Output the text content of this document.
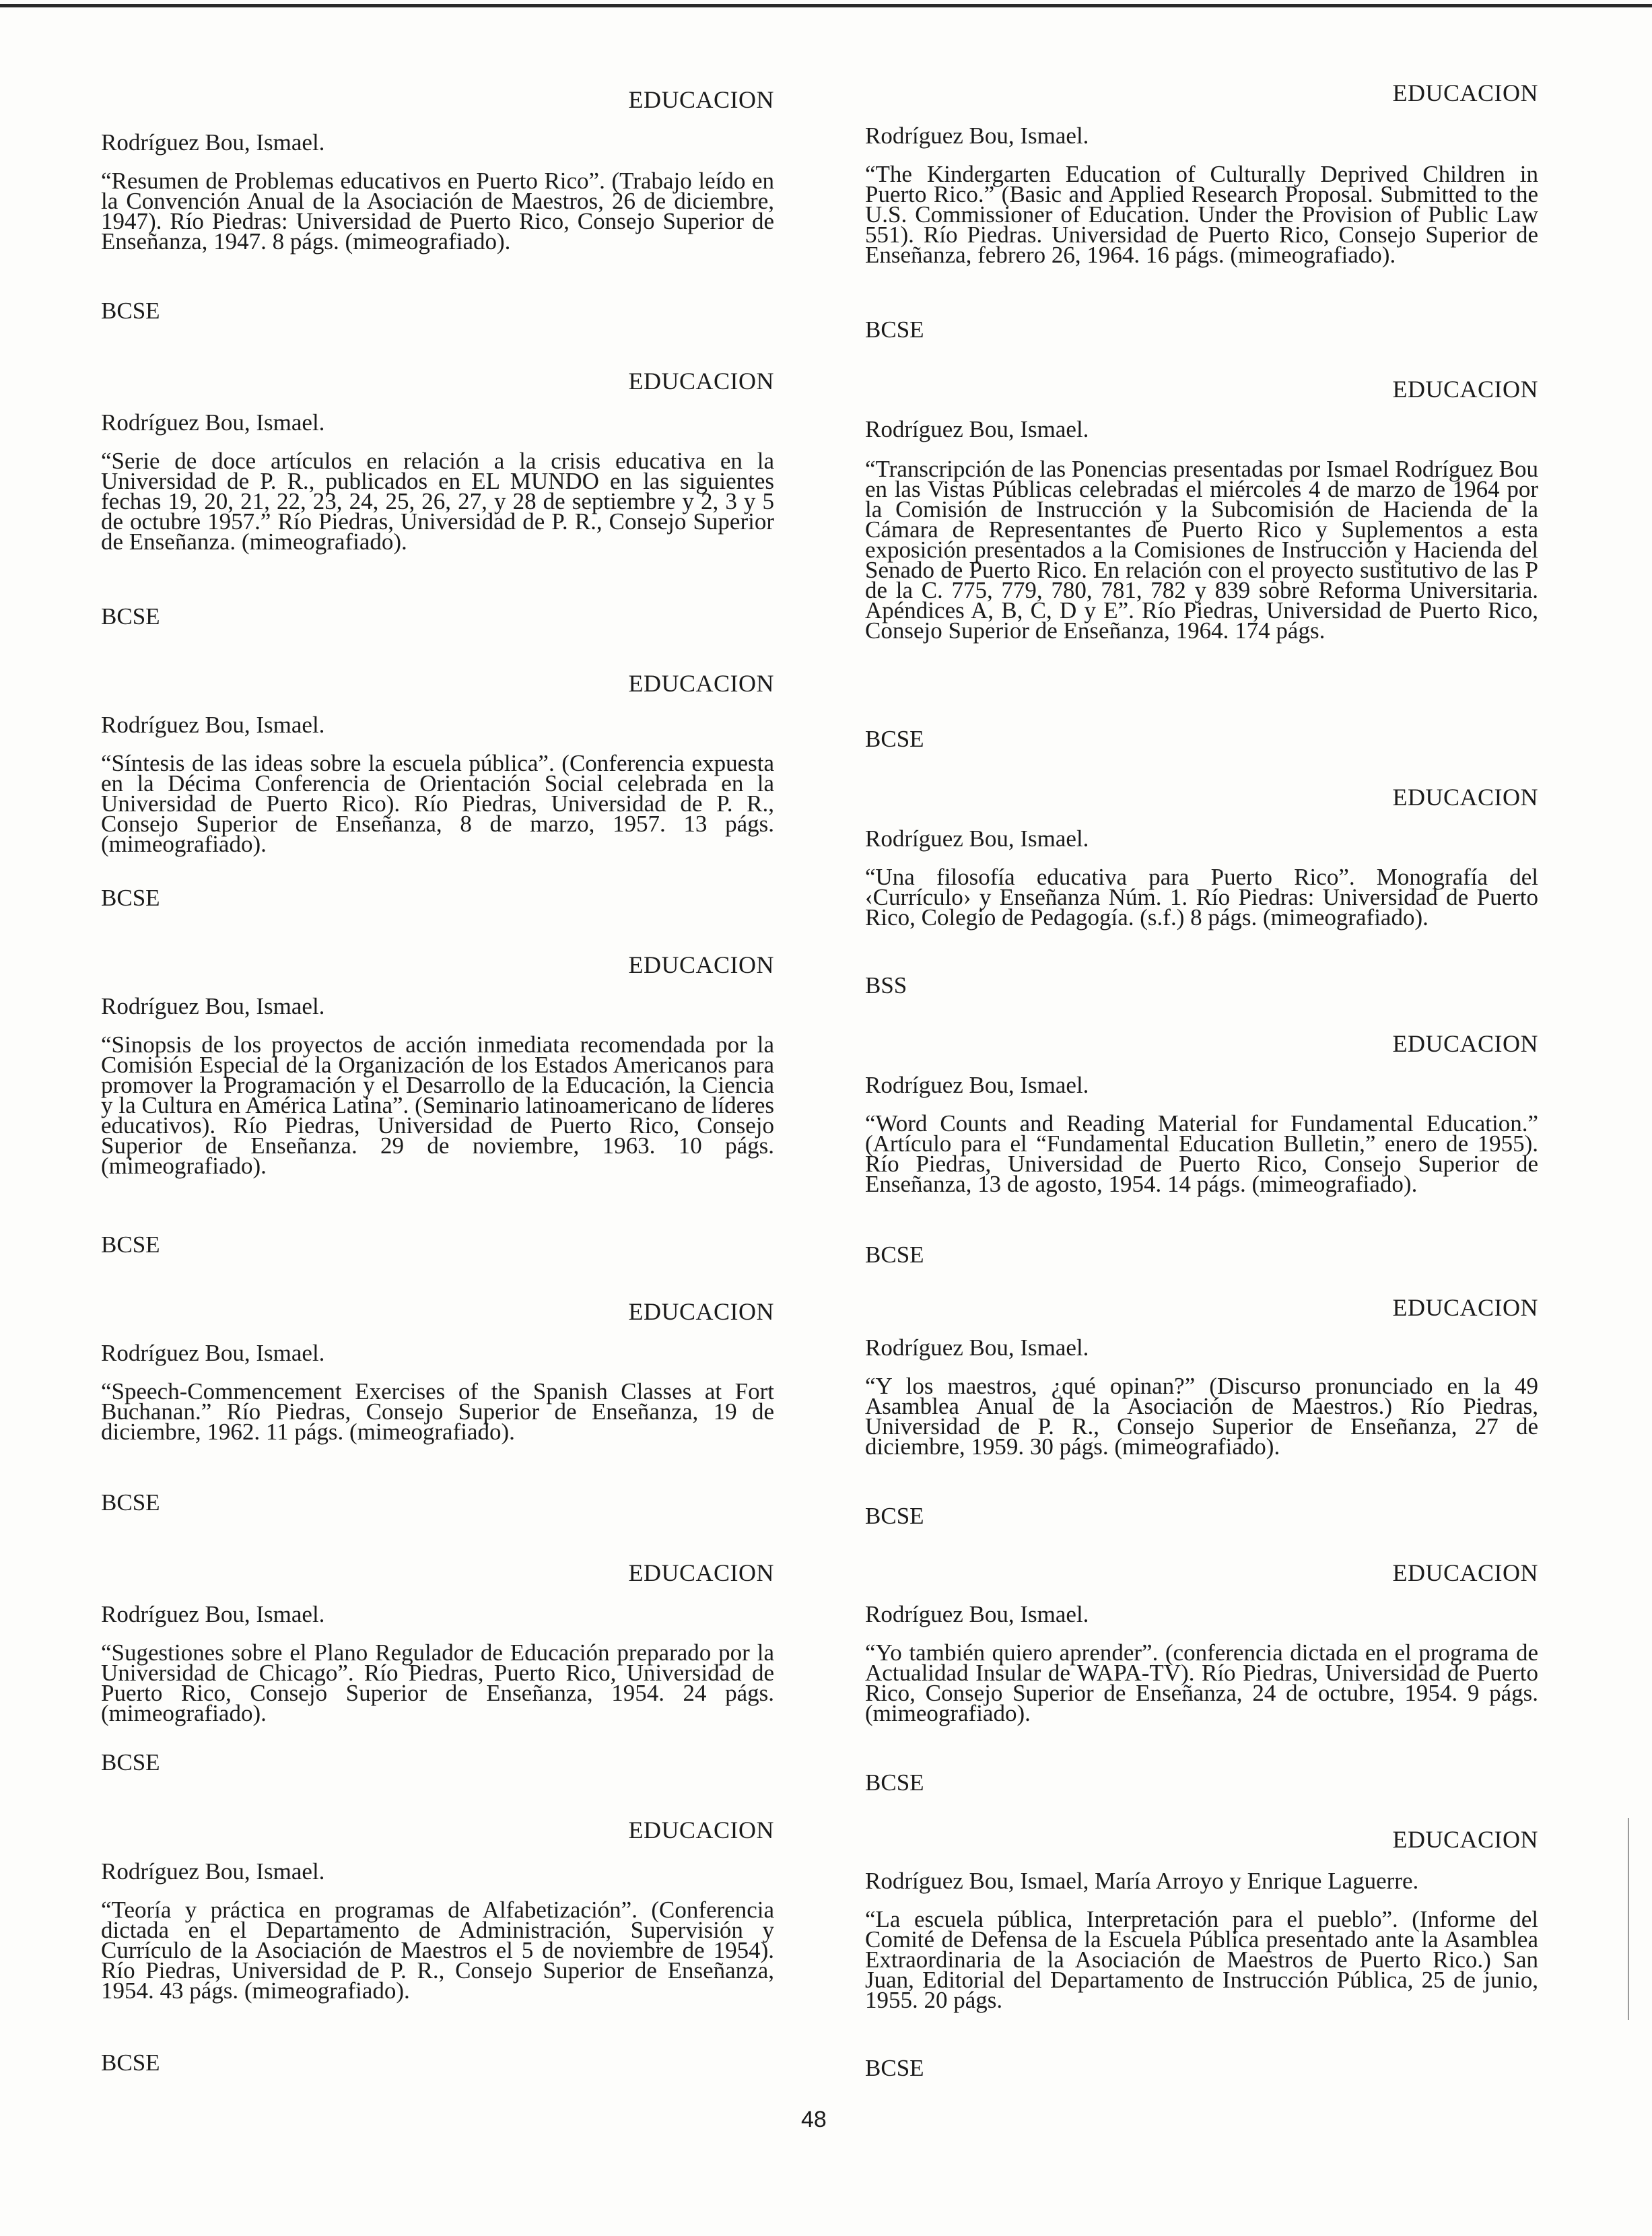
EDUCACION
Rodríguez Bou, Ismael.
“Resumen de Problemas educativos en Puerto Rico”. (Trabajo leído en la Convención Anual de la Asociación de Maestros, 26 de diciembre, 1947). Río Piedras: Universidad de Puerto Rico, Consejo Superior de Enseñanza, 1947. 8 págs. (mimeografiado).
BCSE
EDUCACION
Rodríguez Bou, Ismael.
“Serie de doce artículos en relación a la crisis educativa en la Universidad de P. R., publicados en EL MUNDO en las siguientes fechas 19, 20, 21, 22, 23, 24, 25, 26, 27, y 28 de septiembre y 2, 3 y 5 de octubre 1957.” Río Piedras, Universidad de P. R., Consejo Superior de Enseñanza. (mimeografiado).
BCSE
EDUCACION
Rodríguez Bou, Ismael.
“Síntesis de las ideas sobre la escuela pública”. (Conferencia expuesta en la Décima Conferencia de Orientación Social celebrada en la Universidad de Puerto Rico). Río Piedras, Universidad de P. R., Consejo Superior de Enseñanza, 8 de marzo, 1957. 13 págs. (mimeografiado).
BCSE
EDUCACION
Rodríguez Bou, Ismael.
“Sinopsis de los proyectos de acción inmediata recomendada por la Comisión Especial de la Organización de los Estados Americanos para promover la Programación y el Desarrollo de la Educación, la Ciencia y la Cultura en América Latina”. (Seminario latinoamericano de líderes educativos). Río Piedras, Universidad de Puerto Rico, Consejo Superior de Enseñanza. 29 de noviembre, 1963. 10 págs. (mimeografiado).
BCSE
EDUCACION
Rodríguez Bou, Ismael.
“Speech-Commencement Exercises of the Spanish Classes at Fort Buchanan.” Río Piedras, Consejo Superior de Enseñanza, 19 de diciembre, 1962. 11 págs. (mimeografiado).
BCSE
EDUCACION
Rodríguez Bou, Ismael.
“Sugestiones sobre el Plano Regulador de Educación preparado por la Universidad de Chicago”. Río Piedras, Puerto Rico, Universidad de Puerto Rico, Consejo Superior de Enseñanza, 1954. 24 págs. (mimeografiado).
BCSE
EDUCACION
Rodríguez Bou, Ismael.
“Teoría y práctica en programas de Alfabetización”. (Conferencia dictada en el Departamento de Administración, Supervisión y Currículo de la Asociación de Maestros el 5 de noviembre de 1954). Río Piedras, Universidad de P. R., Consejo Superior de Enseñanza, 1954. 43 págs. (mimeografiado).
BCSE
EDUCACION
Rodríguez Bou, Ismael.
“The Kindergarten Education of Culturally Deprived Children in Puerto Rico.” (Basic and Applied Research Proposal. Submitted to the U.S. Commissioner of Education. Under the Provision of Public Law 551). Río Piedras. Universidad de Puerto Rico, Consejo Superior de Enseñanza, febrero 26, 1964. 16 págs. (mimeografiado).
BCSE
EDUCACION
Rodríguez Bou, Ismael.
“Transcripción de las Ponencias presentadas por Ismael Rodríguez Bou en las Vistas Públicas celebradas el miércoles 4 de marzo de 1964 por la Comisión de Instrucción y la Subcomisión de Hacienda de la Cámara de Representantes de Puerto Rico y Suplementos a esta exposición presentados a la Comisiones de Instrucción y Hacienda del Senado de Puerto Rico. En relación con el proyecto sustitutivo de las P de la C. 775, 779, 780, 781, 782 y 839 sobre Reforma Universitaria. Apéndices A, B, C, D y E”. Río Piedras, Universidad de Puerto Rico, Consejo Superior de Enseñanza, 1964. 174 págs.
BCSE
EDUCACION
Rodríguez Bou, Ismael.
“Una filosofía educativa para Puerto Rico”. Monografía del ‹Currículo› y Enseñanza Núm. 1. Río Piedras: Universidad de Puerto Rico, Colegio de Pedagogía. (s.f.) 8 págs. (mimeografiado).
BSS
EDUCACION
Rodríguez Bou, Ismael.
“Word Counts and Reading Material for Fundamental Education.” (Artículo para el “Fundamental Education Bulletin,” enero de 1955). Río Piedras, Universidad de Puerto Rico, Consejo Superior de Enseñanza, 13 de agosto, 1954. 14 págs. (mimeografiado).
BCSE
EDUCACION
Rodríguez Bou, Ismael.
“Y los maestros, ¿qué opinan?” (Discurso pronunciado en la 49 Asamblea Anual de la Asociación de Maestros.) Río Piedras, Universidad de P. R., Consejo Superior de Enseñanza, 27 de diciembre, 1959. 30 págs. (mimeografiado).
BCSE
EDUCACION
Rodríguez Bou, Ismael.
“Yo también quiero aprender”. (conferencia dictada en el programa de Actualidad Insular de WAPA-TV). Río Piedras, Universidad de Puerto Rico, Consejo Superior de Enseñanza, 24 de octubre, 1954. 9 págs. (mimeografiado).
BCSE
EDUCACION
Rodríguez Bou, Ismael, María Arroyo y Enrique Laguerre.
“La escuela pública, Interpretación para el pueblo”. (Informe del Comité de Defensa de la Escuela Pública presentado ante la Asamblea Extraordinaria de la Asociación de Maestros de Puerto Rico.) San Juan, Editorial del Departamento de Instrucción Pública, 25 de junio, 1955. 20 págs.
BCSE
48
